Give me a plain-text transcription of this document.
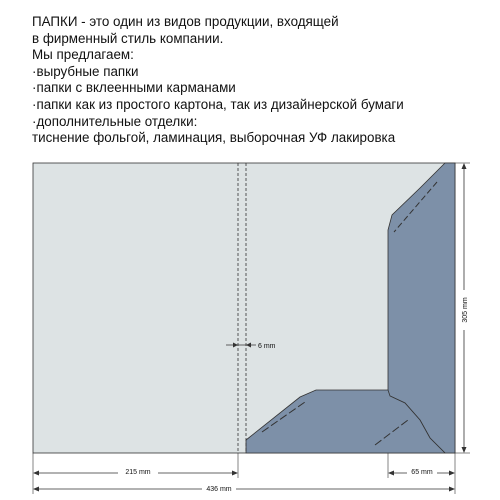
ПАПКИ - это один из видов продукции, входящей
в фирменный стиль компании.
Мы предлагаем:
·вырубные папки
·папки с вклеенными карманами
·папки как из простого картона, так из дизайнерской бумаги
·дополнительные отделки:
тиснение фольгой, ламинация, выборочная УФ лакировка
6 mm
305 mm
215 mm	65 mm
436 mm
